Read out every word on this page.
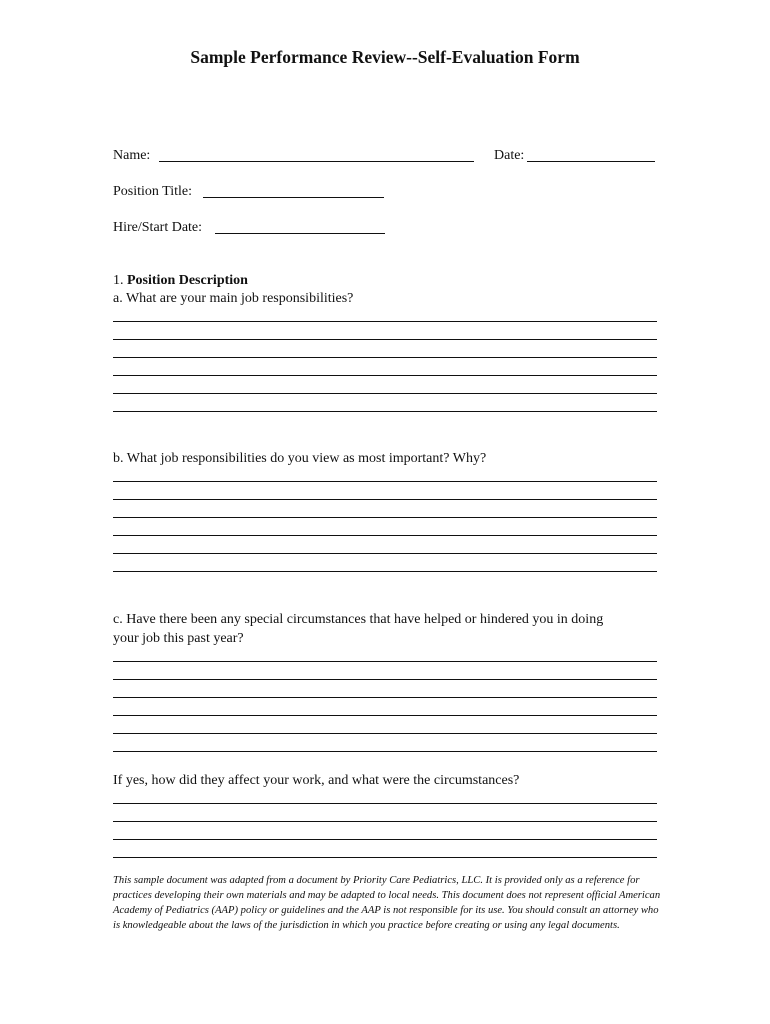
Sample Performance Review--Self-Evaluation Form
Name:	Date:
Position Title:
Hire/Start Date:
1. Position Description
a. What are your main job responsibilities?
b. What job responsibilities do you view as most important? Why?
c. Have there been any special circumstances that have helped or hindered you in doing
your job this past year?
If yes, how did they affect your work, and what were the circumstances?
This sample document was adapted from a document by Priority Care Pediatrics, LLC. It is provided only as a reference for practices developing their own materials and may be adapted to local needs. This document does not represent official American Academy of Pediatrics (AAP) policy or guidelines and the AAP is not responsible for its use. You should consult an attorney who is knowledgeable about the laws of the jurisdiction in which you practice before creating or using any legal documents.
